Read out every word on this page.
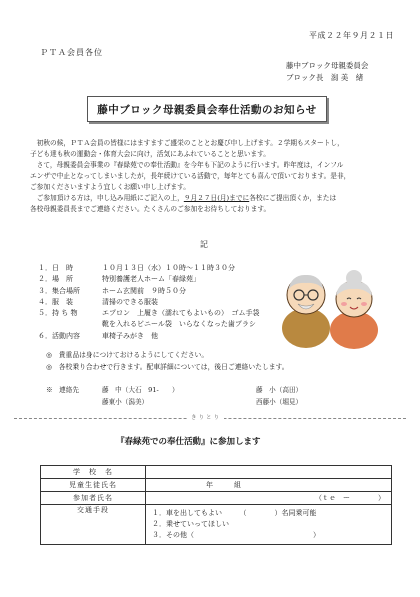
平成２２年９月２１日
ＰＴＡ会員各位
藤中ブロック母親委員会
ブロック長　潟 美　緒
藤中ブロック母親委員会奉仕活動のお知らせ

　初秋の候，ＰＴＡ会員の皆様にはますますご盛栄のこととお慶び申し上げます。２学期もスタートし，

子ども達も秋の運動会・体育大会に向け，活気にあふれていることと思います。

　さて，母親委員会事業の『春緑苑での奉仕活動』を今年も下記のように行います。昨年度は，インフル

エンザで中止となってしまいましたが，長年続けている活動で，毎年とても喜んで頂いております。是非，

ご参加くださいますよう宜しくお願い申し上げます。

　ご参加頂ける方は，申し込み用紙にご記入の上，９月２７日(月)までに各校にご提出頂くか，または

各校母親委員長までご連絡ください。たくさんのご参加をお待ちしております。

記
１．日　時	１０月１３日（水）１０時～１１時３０分
２．場　所	特別養護老人ホーム「春緑苑」
３．集合場所	ホーム玄関前　９時５０分
４．服　装	清掃のできる服装
５．持 ち 物	エプロン　上履き（濡れてもよいもの）　ゴム手袋
靴を入れるビニール袋　いらなくなった歯ブラシ
６．活動内容	車椅子みがき　他
◎　貴重品は身につけておけるようにしてください。
◎　各校乗り合わせで行きます。配車詳細については，後日ご連絡いたします。
※　連絡先	藤　中（大石　91-　　）	藤　小（高田）
藤東小（潟美）	西藤小（堀見）
きりとり
『春緑苑での奉仕活動』に参加します
学　校　名	
児童生徒氏名	年　　　組
参加者氏名	（ｔｅ　ー　　　　）
交通手段	１．車を出してもよい　　　（　　　　）名同乗可能
２．乗せていってほしい
３．その他（　　　　　　　　　　　　　　　　　）
